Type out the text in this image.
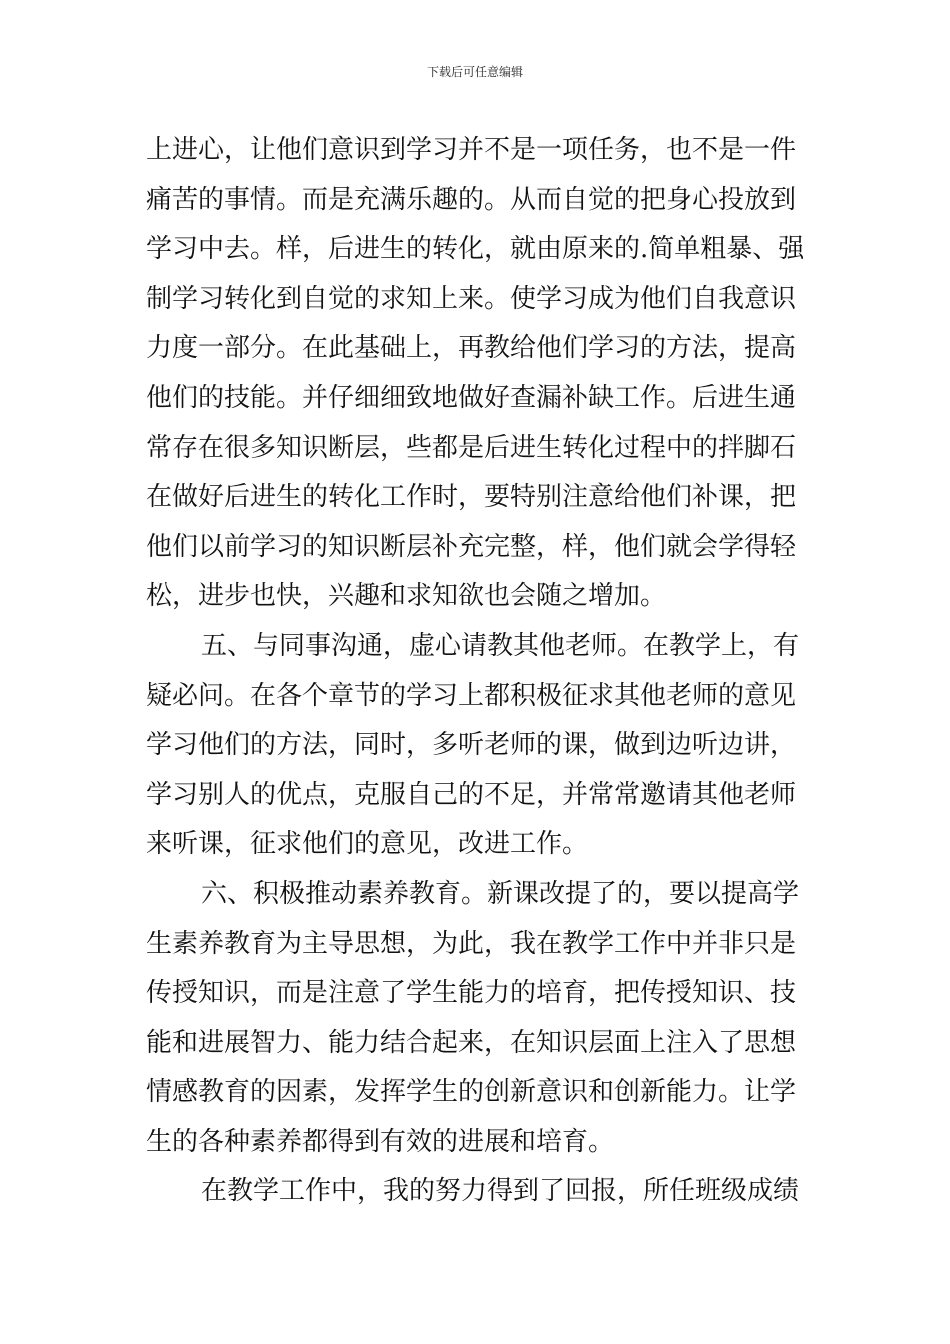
下载后可任意编辑
上进心，让他们意识到学习并不是一项任务，也不是一件
痛苦的事情。而是充满乐趣的。从而自觉的把身心投放到
学习中去。样，后进生的转化，就由原来的.简单粗暴、强
制学习转化到自觉的求知上来。使学习成为他们自我意识
力度一部分。在此基础上，再教给他们学习的方法，提高
他们的技能。并仔细细致地做好查漏补缺工作。后进生通
常存在很多知识断层，些都是后进生转化过程中的拌脚石
在做好后进生的转化工作时，要特别注意给他们补课，把
他们以前学习的知识断层补充完整，样，他们就会学得轻
松，进步也快，兴趣和求知欲也会随之增加。
五、与同事沟通，虚心请教其他老师。在教学上，有
疑必问。在各个章节的学习上都积极征求其他老师的意见
学习他们的方法，同时，多听老师的课，做到边听边讲，
学习别人的优点，克服自己的不足，并常常邀请其他老师
来听课，征求他们的意见，改进工作。
六、积极推动素养教育。新课改提了的，要以提高学
生素养教育为主导思想，为此，我在教学工作中并非只是
传授知识，而是注意了学生能力的培育，把传授知识、技
能和进展智力、能力结合起来，在知识层面上注入了思想
情感教育的因素，发挥学生的创新意识和创新能力。让学
生的各种素养都得到有效的进展和培育。
在教学工作中，我的努力得到了回报，所任班级成绩
